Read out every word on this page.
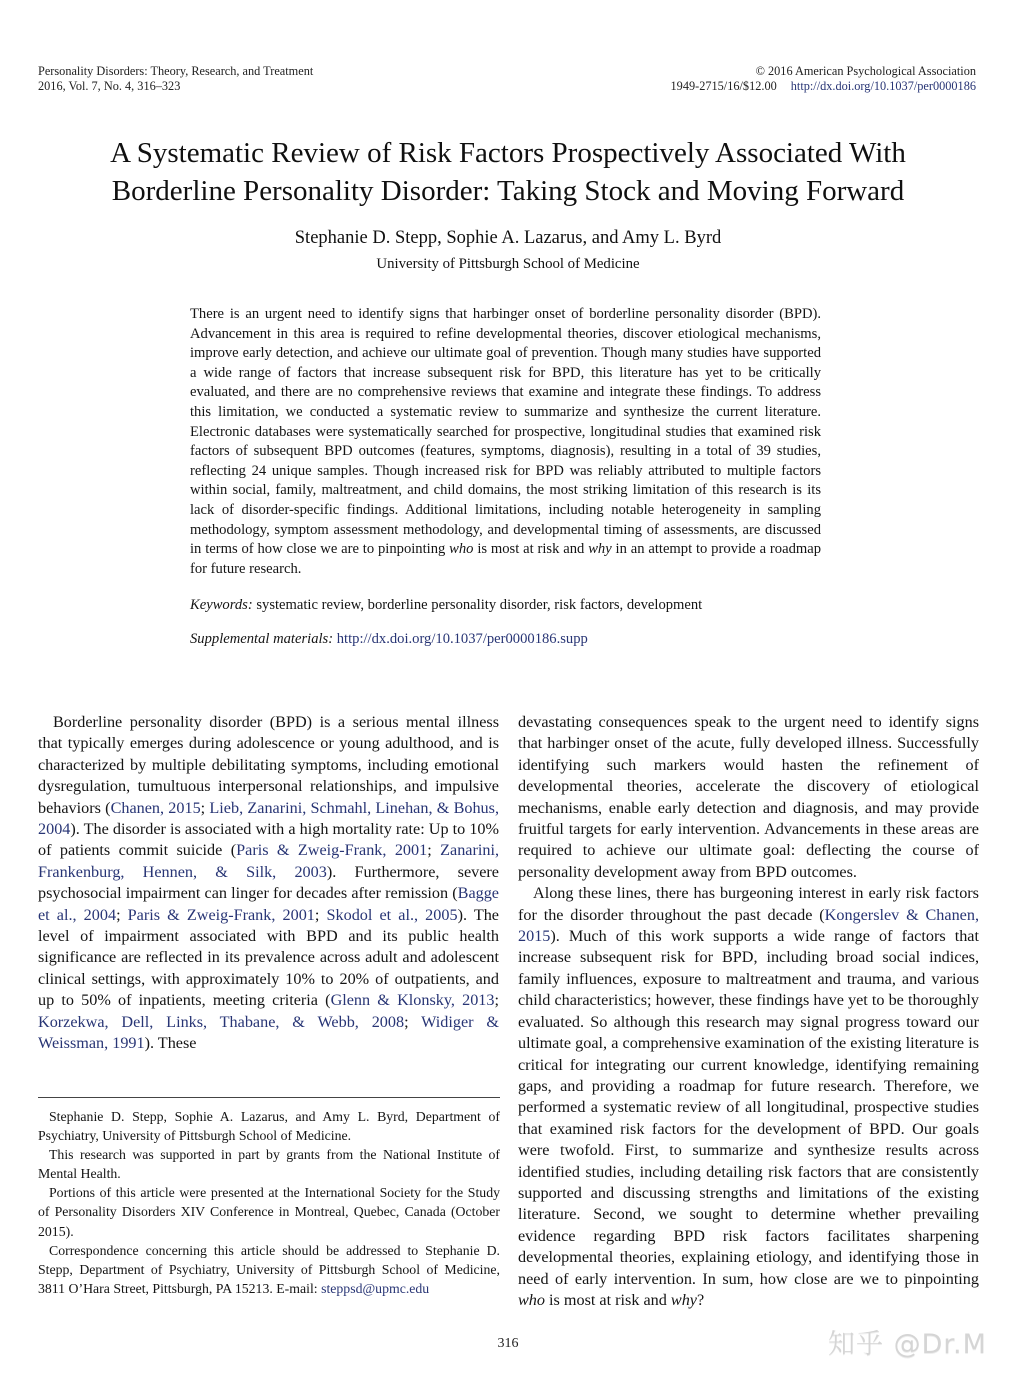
Personality Disorders: Theory, Research, and Treatment
2016, Vol. 7, No. 4, 316–323
© 2016 American Psychological Association
1949-2715/16/$12.00 http://dx.doi.org/10.1037/per0000186
A Systematic Review of Risk Factors Prospectively Associated With
Borderline Personality Disorder: Taking Stock and Moving Forward
Stephanie D. Stepp, Sophie A. Lazarus, and Amy L. Byrd
University of Pittsburgh School of Medicine

There is an urgent need to identify signs that harbinger onset of borderline personality disorder (BPD). Advancement in this area is required to refine developmental theories, discover etiological mechanisms, improve early detection, and achieve our ultimate goal of prevention. Though many studies have supported a wide range of factors that increase subsequent risk for BPD, this literature has yet to be critically evaluated, and there are no comprehensive reviews that examine and integrate these findings. To address this limitation, we conducted a systematic review to summarize and synthesize the current literature. Electronic databases were systematically searched for prospective, longitudinal studies that examined risk factors of subsequent BPD outcomes (features, symptoms, diagnosis), resulting in a total of 39 studies, reflecting 24 unique samples. Though increased risk for BPD was reliably attributed to multiple factors within social, family, maltreatment, and child domains, the most striking limitation of this research is its lack of disorder-specific findings. Additional limitations, including notable heterogeneity in sampling methodology, symptom assessment methodology, and developmental timing of assessments, are discussed in terms of how close we are to pinpointing who is most at risk and why in an attempt to provide a roadmap for future research.

Keywords: systematic review, borderline personality disorder, risk factors, development

Supplemental materials: http://dx.doi.org/10.1037/per0000186.supp

Borderline personality disorder (BPD) is a serious mental illness that typically emerges during adolescence or young adulthood, and is characterized by multiple debilitating symptoms, including emotional dysregulation, tumultuous interpersonal relationships, and impulsive behaviors (Chanen, 2015; Lieb, Zanarini, Schmahl, Linehan, & Bohus, 2004). The disorder is associated with a high mortality rate: Up to 10% of patients commit suicide (Paris & Zweig-Frank, 2001; Zanarini, Frankenburg, Hennen, & Silk, 2003). Furthermore, severe psychosocial impairment can linger for decades after remission (Bagge et al., 2004; Paris & Zweig-Frank, 2001; Skodol et al., 2005). The level of impairment associated with BPD and its public health significance are reflected in its prevalence across adult and adolescent clinical settings, with approximately 10% to 20% of outpatients, and up to 50% of inpatients, meeting criteria (Glenn & Klonsky, 2013; Korzekwa, Dell, Links, Thabane, & Webb, 2008; Widiger & Weissman, 1991). These

devastating consequences speak to the urgent need to identify signs that harbinger onset of the acute, fully developed illness. Successfully identifying such markers would hasten the refinement of developmental theories, accelerate the discovery of etiological mechanisms, enable early detection and diagnosis, and may provide fruitful targets for early intervention. Advancements in these areas are required to achieve our ultimate goal: deflecting the course of personality development away from BPD outcomes.

Along these lines, there has burgeoning interest in early risk factors for the disorder throughout the past decade (Kongerslev & Chanen, 2015). Much of this work supports a wide range of factors that increase subsequent risk for BPD, including broad social indices, family influences, exposure to maltreatment and trauma, and various child characteristics; however, these findings have yet to be thoroughly evaluated. So although this research may signal progress toward our ultimate goal, a comprehensive examination of the existing literature is critical for integrating our current knowledge, identifying remaining gaps, and providing a roadmap for future research. Therefore, we performed a systematic review of all longitudinal, prospective studies that examined risk factors for the development of BPD. Our goals were twofold. First, to summarize and synthesize results across identified studies, including detailing risk factors that are consistently supported and discussing strengths and limitations of the existing literature. Second, we sought to determine whether prevailing evidence regarding BPD risk factors facilitates sharpening developmental theories, explaining etiology, and identifying those in need of early intervention. In sum, how close are we to pinpointing who is most at risk and why?

Stephanie D. Stepp, Sophie A. Lazarus, and Amy L. Byrd, Department of Psychiatry, University of Pittsburgh School of Medicine.

This research was supported in part by grants from the National Institute of Mental Health.

Portions of this article were presented at the International Society for the Study of Personality Disorders XIV Conference in Montreal, Quebec, Canada (October 2015).

Correspondence concerning this article should be addressed to Stephanie D. Stepp, Department of Psychiatry, University of Pittsburgh School of Medicine, 3811 O’Hara Street, Pittsburgh, PA 15213. E-mail: steppsd@upmc.edu

316	知乎 @Dr.M
